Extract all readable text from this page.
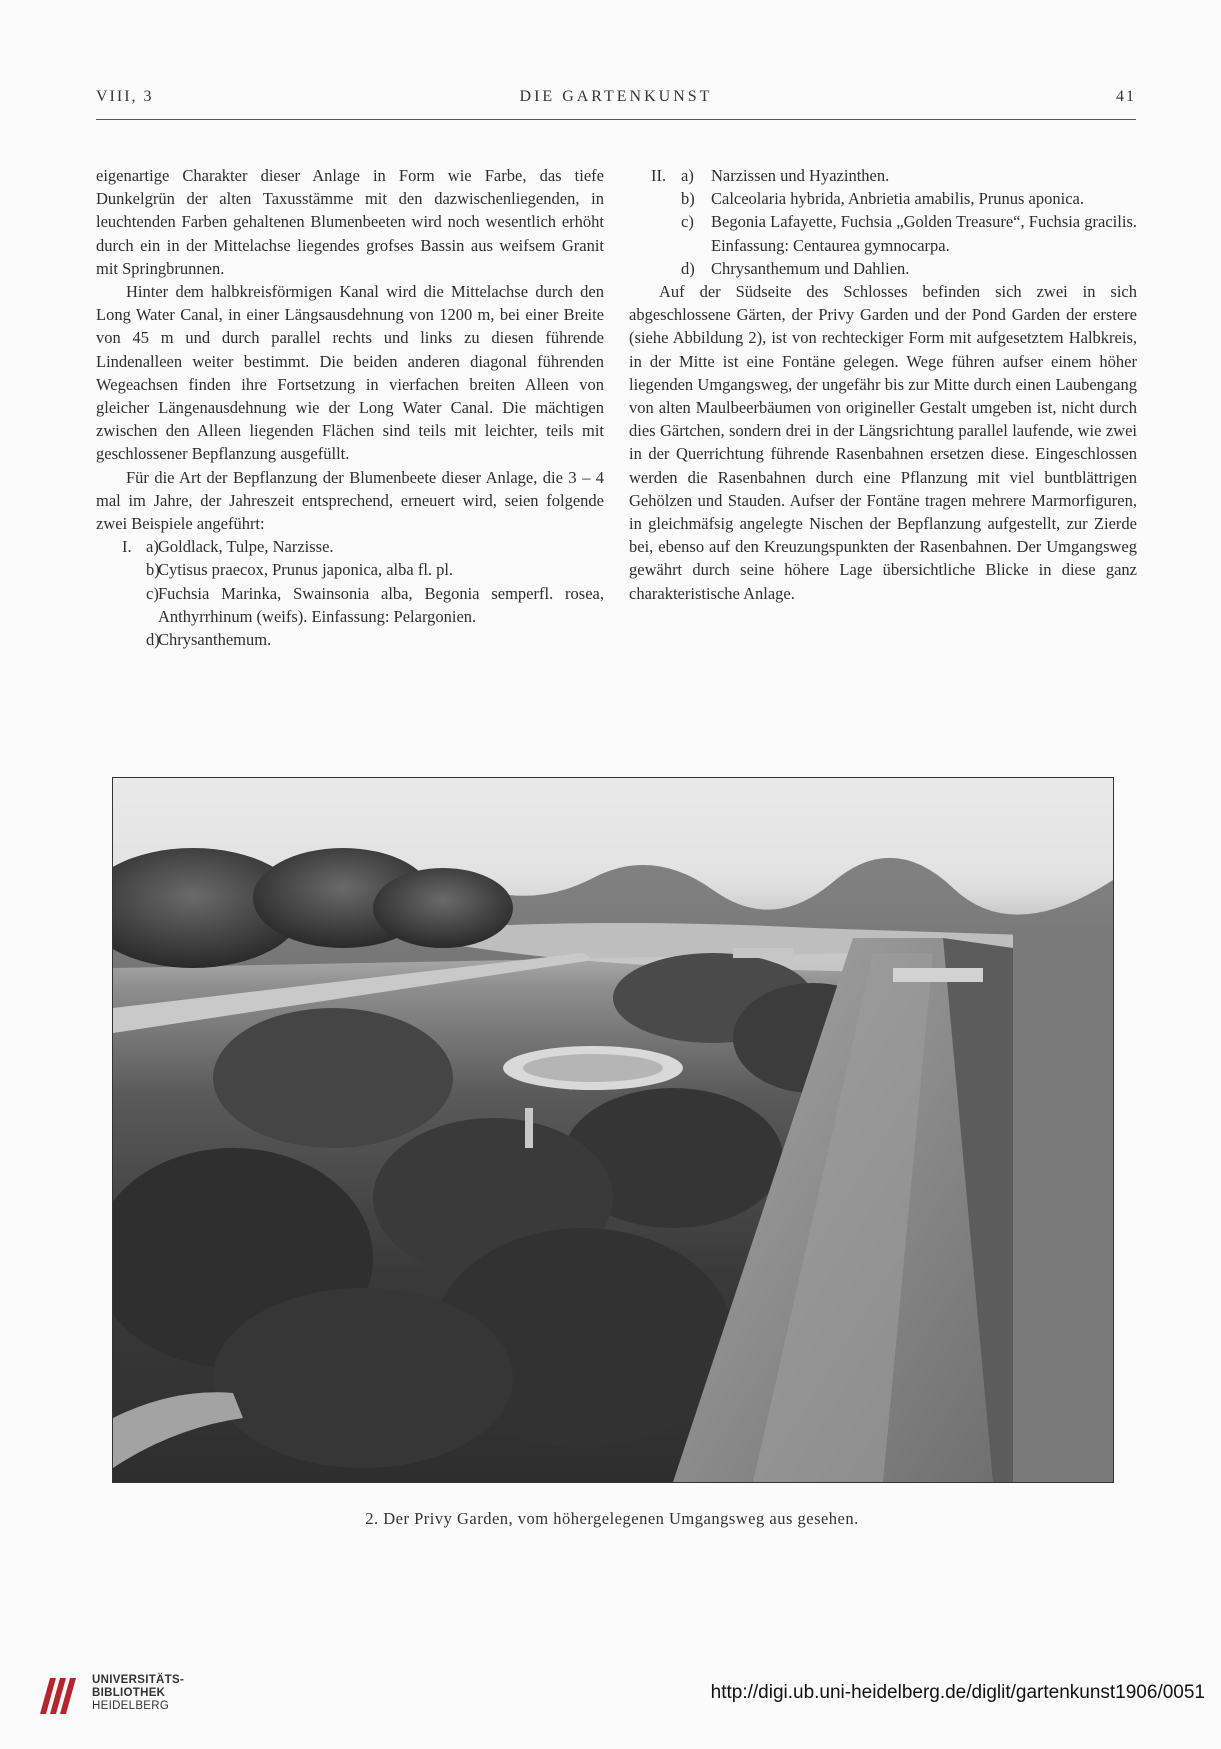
VIII, 3	DIE GARTENKUNST	41

eigenartige Charakter dieser Anlage in Form wie Farbe, das tiefe Dunkelgrün der alten Taxusstämme mit den dazwischenliegenden, in leuchtenden Farben gehaltenen Blumenbeeten wird noch wesentlich erhöht durch ein in der Mittelachse liegendes grofses Bassin aus weifsem Granit mit Springbrunnen.

Hinter dem halbkreisförmigen Kanal wird die Mittelachse durch den Long Water Canal, in einer Längsausdehnung von 1200 m, bei einer Breite von 45 m und durch parallel rechts und links zu diesen führende Lindenalleen weiter bestimmt. Die beiden anderen diagonal führenden Wegeachsen finden ihre Fortsetzung in vierfachen breiten Alleen von gleicher Längenausdehnung wie der Long Water Canal. Die mächtigen zwischen den Alleen liegenden Flächen sind teils mit leichter, teils mit geschlossener Bepflanzung ausgefüllt.

Für die Art der Bepflanzung der Blumenbeete dieser Anlage, die 3 – 4 mal im Jahre, der Jahreszeit entsprechend, erneuert wird, seien folgende zwei Beispiele angeführt:

I. a) Goldlack, Tulpe, Narzisse.
b)
Cytisus praecox, Prunus japonica, alba fl. pl.
c) Fuchsia Marinka, Swainsonia alba, Begonia semperfl. rosea, Anthyrrhinum (weifs). Einfassung: Pelargonien.
d)
Chrysanthemum.
II. a) Narzissen und Hyazinthen.
b) Calceolaria hybrida, Anbrietia amabilis, Prunus aponica.
c) Begonia Lafayette, Fuchsia „Golden Treasure“, Fuchsia gracilis. Einfassung: Centaurea gymnocarpa.
d) Chrysanthemum und Dahlien.

Auf der Südseite des Schlosses befinden sich zwei in sich abgeschlossene Gärten, der Privy Garden und der Pond Garden der erstere (siehe Abbildung 2), ist von rechteckiger Form mit aufgesetztem Halbkreis, in der Mitte ist eine Fontäne gelegen. Wege führen aufser einem höher liegenden Umgangsweg, der ungefähr bis zur Mitte durch einen Laubengang von alten Maulbeerbäumen von origineller Gestalt umgeben ist, nicht durch dies Gärtchen, sondern drei in der Längsrichtung parallel laufende, wie zwei in der Querrichtung führende Rasenbahnen ersetzen diese. Eingeschlossen werden die Rasenbahnen durch eine Pflanzung mit viel buntblättrigen Gehölzen und Stauden. Aufser der Fontäne tragen mehrere Marmorfiguren, in gleichmäfsig angelegte Nischen der Bepflanzung aufgestellt, zur Zierde bei, ebenso auf den Kreuzungspunkten der Rasenbahnen. Der Umgangsweg gewährt durch seine höhere Lage übersichtliche Blicke in diese ganz charakteristische Anlage.

2. Der Privy Garden, vom höhergelegenen Umgangsweg aus gesehen.
UNIVERSITÄTS-
BIBLIOTHEK
HEIDELBERG
http://digi.ub.uni-heidelberg.de/diglit/gartenkunst1906/0051
